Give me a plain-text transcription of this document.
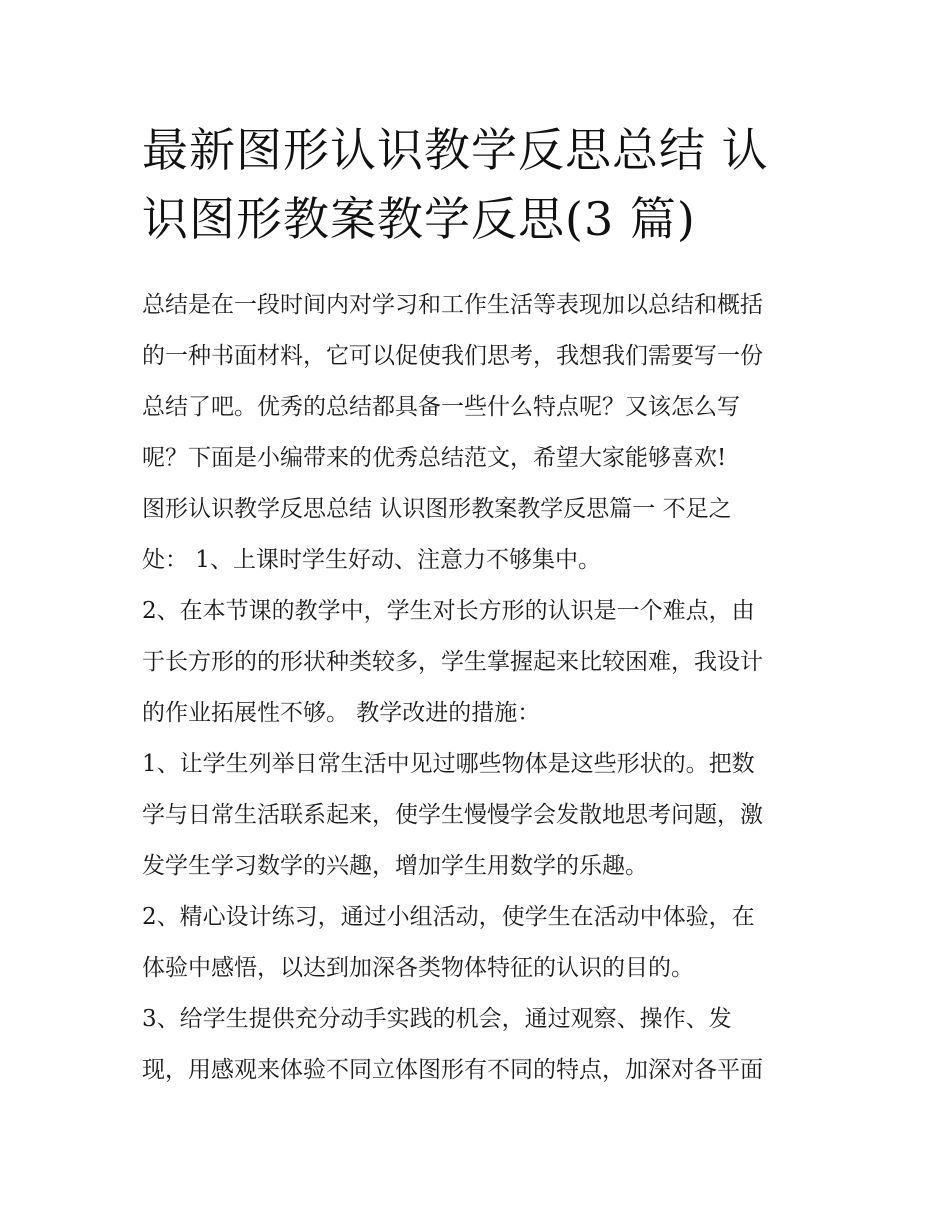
最新图形认识教学反思总结 认
识图形教案教学反思(3 篇)
总结是在一段时间内对学习和工作生活等表现加以总结和概括
的一种书面材料，它可以促使我们思考，我想我们需要写一份
总结了吧。优秀的总结都具备一些什么特点呢？又该怎么写
呢？下面是小编带来的优秀总结范文，希望大家能够喜欢!
图形认识教学反思总结 认识图形教案教学反思篇一 不足之
处： 1、上课时学生好动、注意力不够集中。
2、在本节课的教学中，学生对长方形的认识是一个难点，由
于长方形的的形状种类较多，学生掌握起来比较困难，我设计
的作业拓展性不够。 教学改进的措施：
1、让学生列举日常生活中见过哪些物体是这些形状的。把数
学与日常生活联系起来，使学生慢慢学会发散地思考问题，激
发学生学习数学的兴趣，增加学生用数学的乐趣。
2、精心设计练习，通过小组活动，使学生在活动中体验，在
体验中感悟，以达到加深各类物体特征的认识的目的。
3、给学生提供充分动手实践的机会，通过观察、操作、发
现，用感观来体验不同立体图形有不同的特点，加深对各平面
